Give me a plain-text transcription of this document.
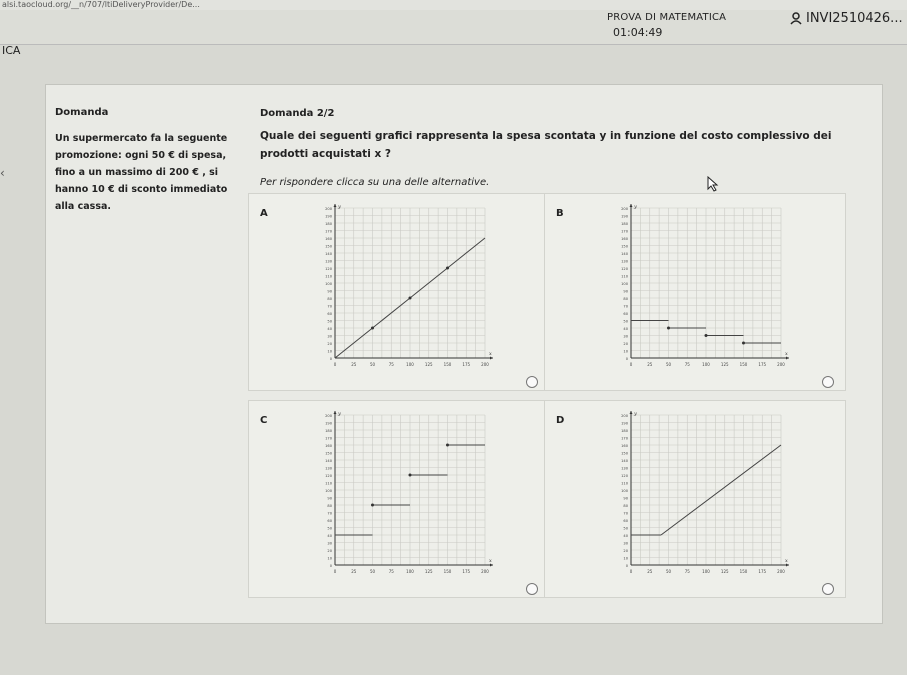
alsi.taocloud.org/__n/707/ltiDeliveryProvider/De...
PROVA DI MATEMATICA
01:04:49
INVI2510426...
ICA
‹
Domanda
Un supermercato fa la seguente promozione: ogni 50 € di spesa, fino a un massimo di 200 € , si hanno 10 € di sconto immediato alla cassa.
Domanda 2/2
Quale dei seguenti grafici rappresenta la spesa scontata y in funzione del costo complessivo dei prodotti acquistati x ?
Per rispondere clicca su una delle alternative.
A
0
10
20
30
40
50
60
70
80
90
100
110
120
130
140
150
160
170
180
190
200
0	25	50	75	100	125	150	175	200
y
x
B
0
10
20
30
40
50
60
70
80
90
100
110
120
130
140
150
160
170
180
190
200
0	25	50	75	100	125	150	175	200
y
x
C
0
10
20
30
40
50
60
70
80
90
100
110
120
130
140
150
160
170
180
190
200
0	25	50	75	100	125	150	175	200
y
x
D
0
10
20
30
40
50
60
70
80
90
100
110
120
130
140
150
160
170
180
190
200
0	25	50	75	100	125	150	175	200
y
x
